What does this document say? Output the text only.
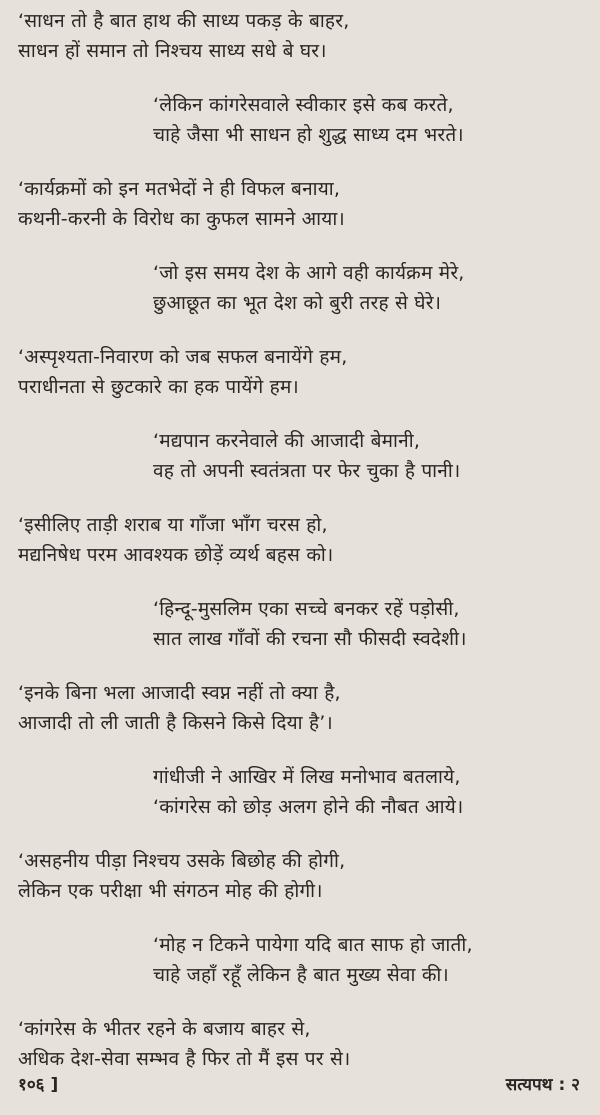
‘साधन तो है बात हाथ की साध्य पकड़ के बाहर,
साधन हों समान तो निश्चय साध्य सधे बे घर।
‘लेकिन कांगरेसवाले स्वीकार इसे कब करते,
चाहे जैसा भी साधन हो शुद्ध साध्य दम भरते।
‘कार्यक्रमों को इन मतभेदों ने ही विफल बनाया,
कथनी-करनी के विरोध का कुफल सामने आया।
‘जो इस समय देश के आगे वही कार्यक्रम मेरे,
छुआछूत का भूत देश को बुरी तरह से घेरे।
‘अस्पृश्यता-निवारण को जब सफल बनायेंगे हम,
पराधीनता से छुटकारे का हक पायेंगे हम।
‘मद्यपान करनेवाले की आजादी बेमानी,
वह तो अपनी स्वतंत्रता पर फेर चुका है पानी।
‘इसीलिए ताड़ी शराब या गाँजा भाँग चरस हो,
मद्यनिषेध परम आवश्यक छोड़ें व्यर्थ बहस को।
‘हिन्दू-मुसलिम एका सच्चे बनकर रहें पड़ोसी,
सात लाख गाँवों की रचना सौ फीसदी स्वदेशी।
‘इनके बिना भला आजादी स्वप्न नहीं तो क्या है,
आजादी तो ली जाती है किसने किसे दिया है’।
गांधीजी ने आखिर में लिख मनोभाव बतलाये,
‘कांगरेस को छोड़ अलग होने की नौबत आये।
‘असहनीय पीड़ा निश्चय उसके बिछोह की होगी,
लेकिन एक परीक्षा भी संगठन मोह की होगी।
‘मोह न टिकने पायेगा यदि बात साफ हो जाती,
चाहे जहाँ रहूँ लेकिन है बात मुख्य सेवा की।
‘कांगरेस के भीतर रहने के बजाय बाहर से,
अधिक देश-सेवा सम्भव है फिर तो मैं इस पर से।
१०६ ]	सत्यपथ : २
